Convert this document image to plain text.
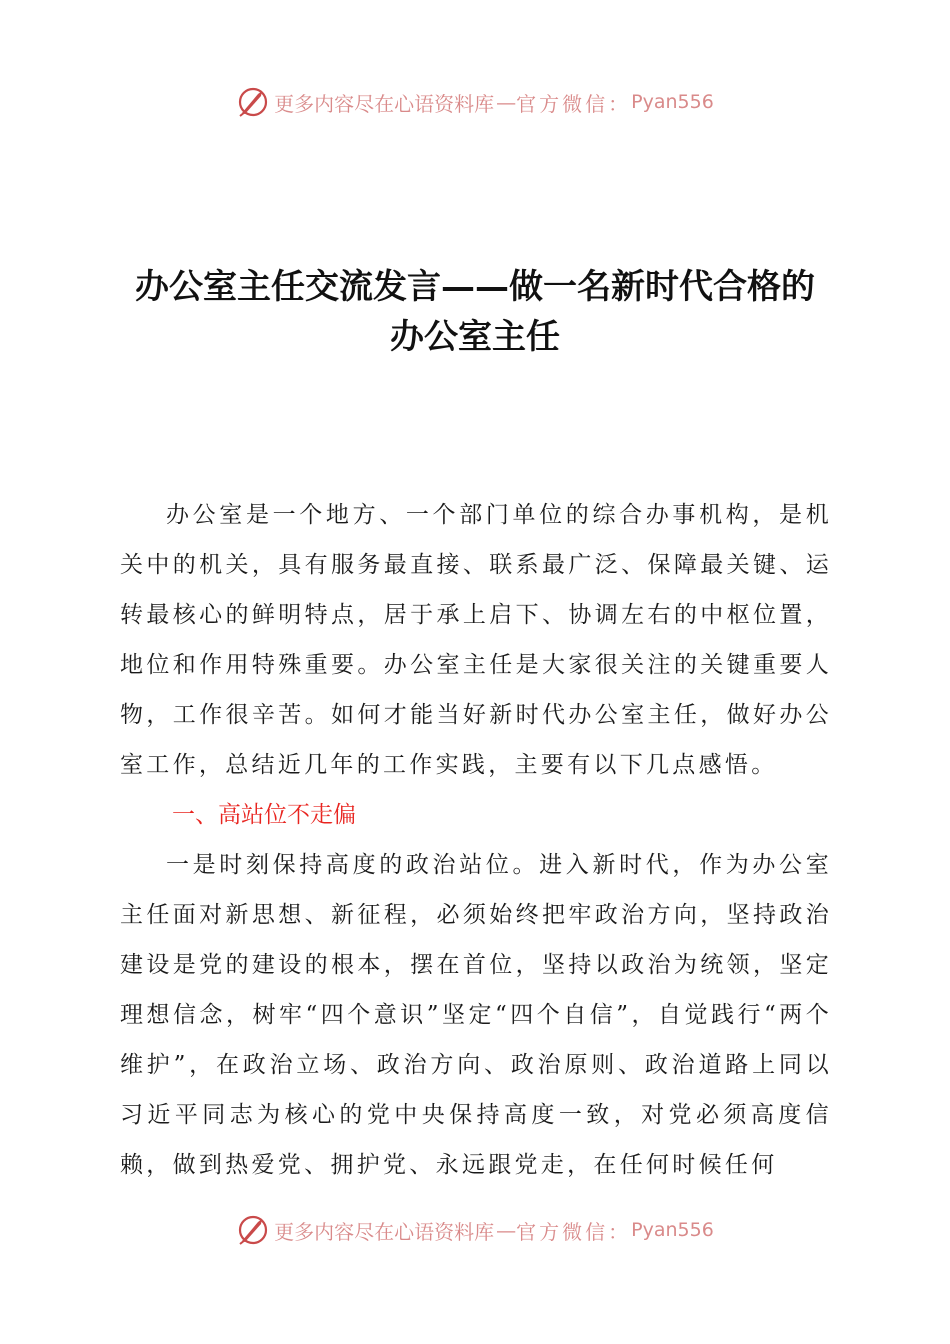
更多内容尽在心语资料库 — 官方微信： Pyan556
办公室主任交流发言——做一名新时代合格的
办公室主任

办公室是一个地方、一个部门单位的综合办事机构，是机关中的机关，具有服务最直接、联系最广泛、保障最关键、运转最核心的鲜明特点，居于承上启下、协调左右的中枢位置，地位和作用特殊重要。办公室主任是大家很关注的关键重要人物，工作很辛苦。如何才能当好新时代办公室主任，做好办公室工作，总结近几年的工作实践，主要有以下几点感悟。

一、高站位不走偏

一是时刻保持高度的政治站位。进入新时代，作为办公室主任面对新思想、新征程，必须始终把牢政治方向，坚持政治建设是党的建设的根本，摆在首位，坚持以政治为统领，坚定理想信念，树牢“四个意识”坚定“四个自信”，自觉践行“两个维护”，在政治立场、政治方向、政治原则、政治道路上同以习近平同志为核心的党中央保持高度一致，对党必须高度信赖，做到热爱党、拥护党、永远跟党走，在任何时候任何

更多内容尽在心语资料库 — 官方微信： Pyan556
